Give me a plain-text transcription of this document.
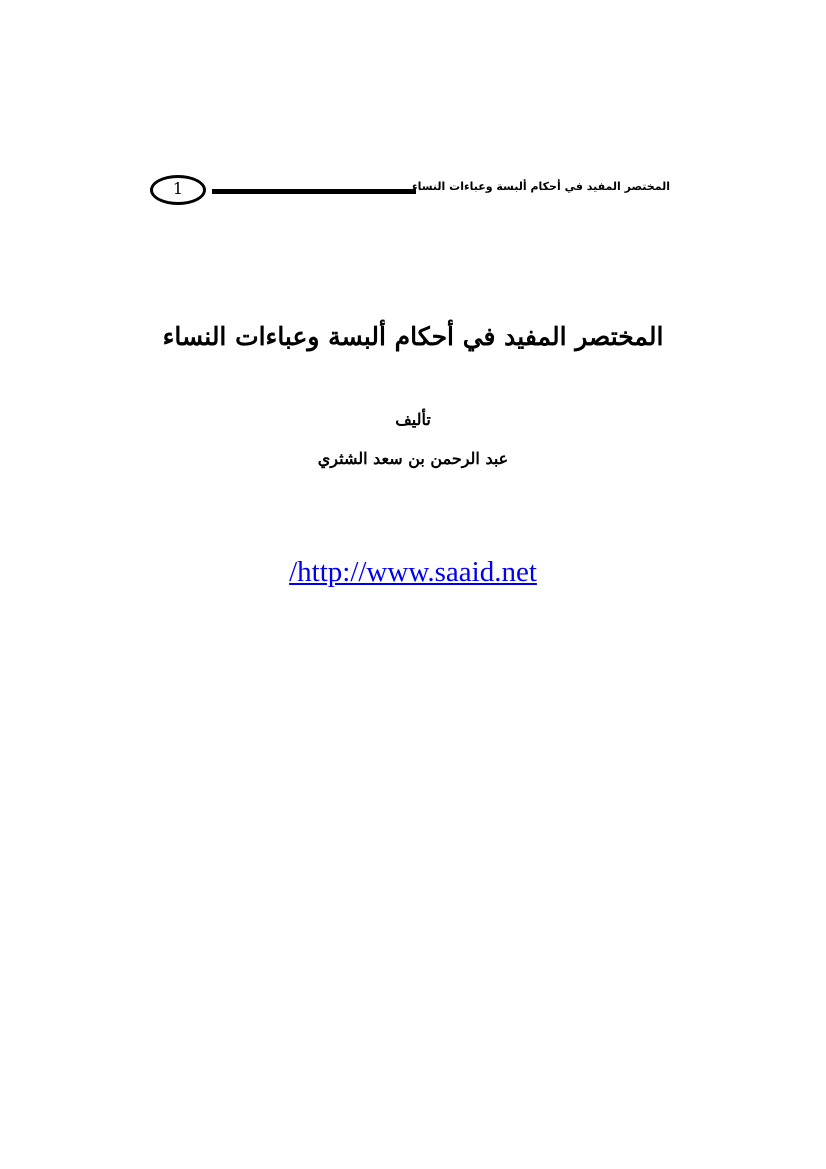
1	المختصر المفيد في أحكام ألبسة وعباءات النساء
المختصر المفيد في أحكام ألبسة وعباءات النساء
تأليف
عبد الرحمن بن سعد الشثري
/http://www.saaid.net
